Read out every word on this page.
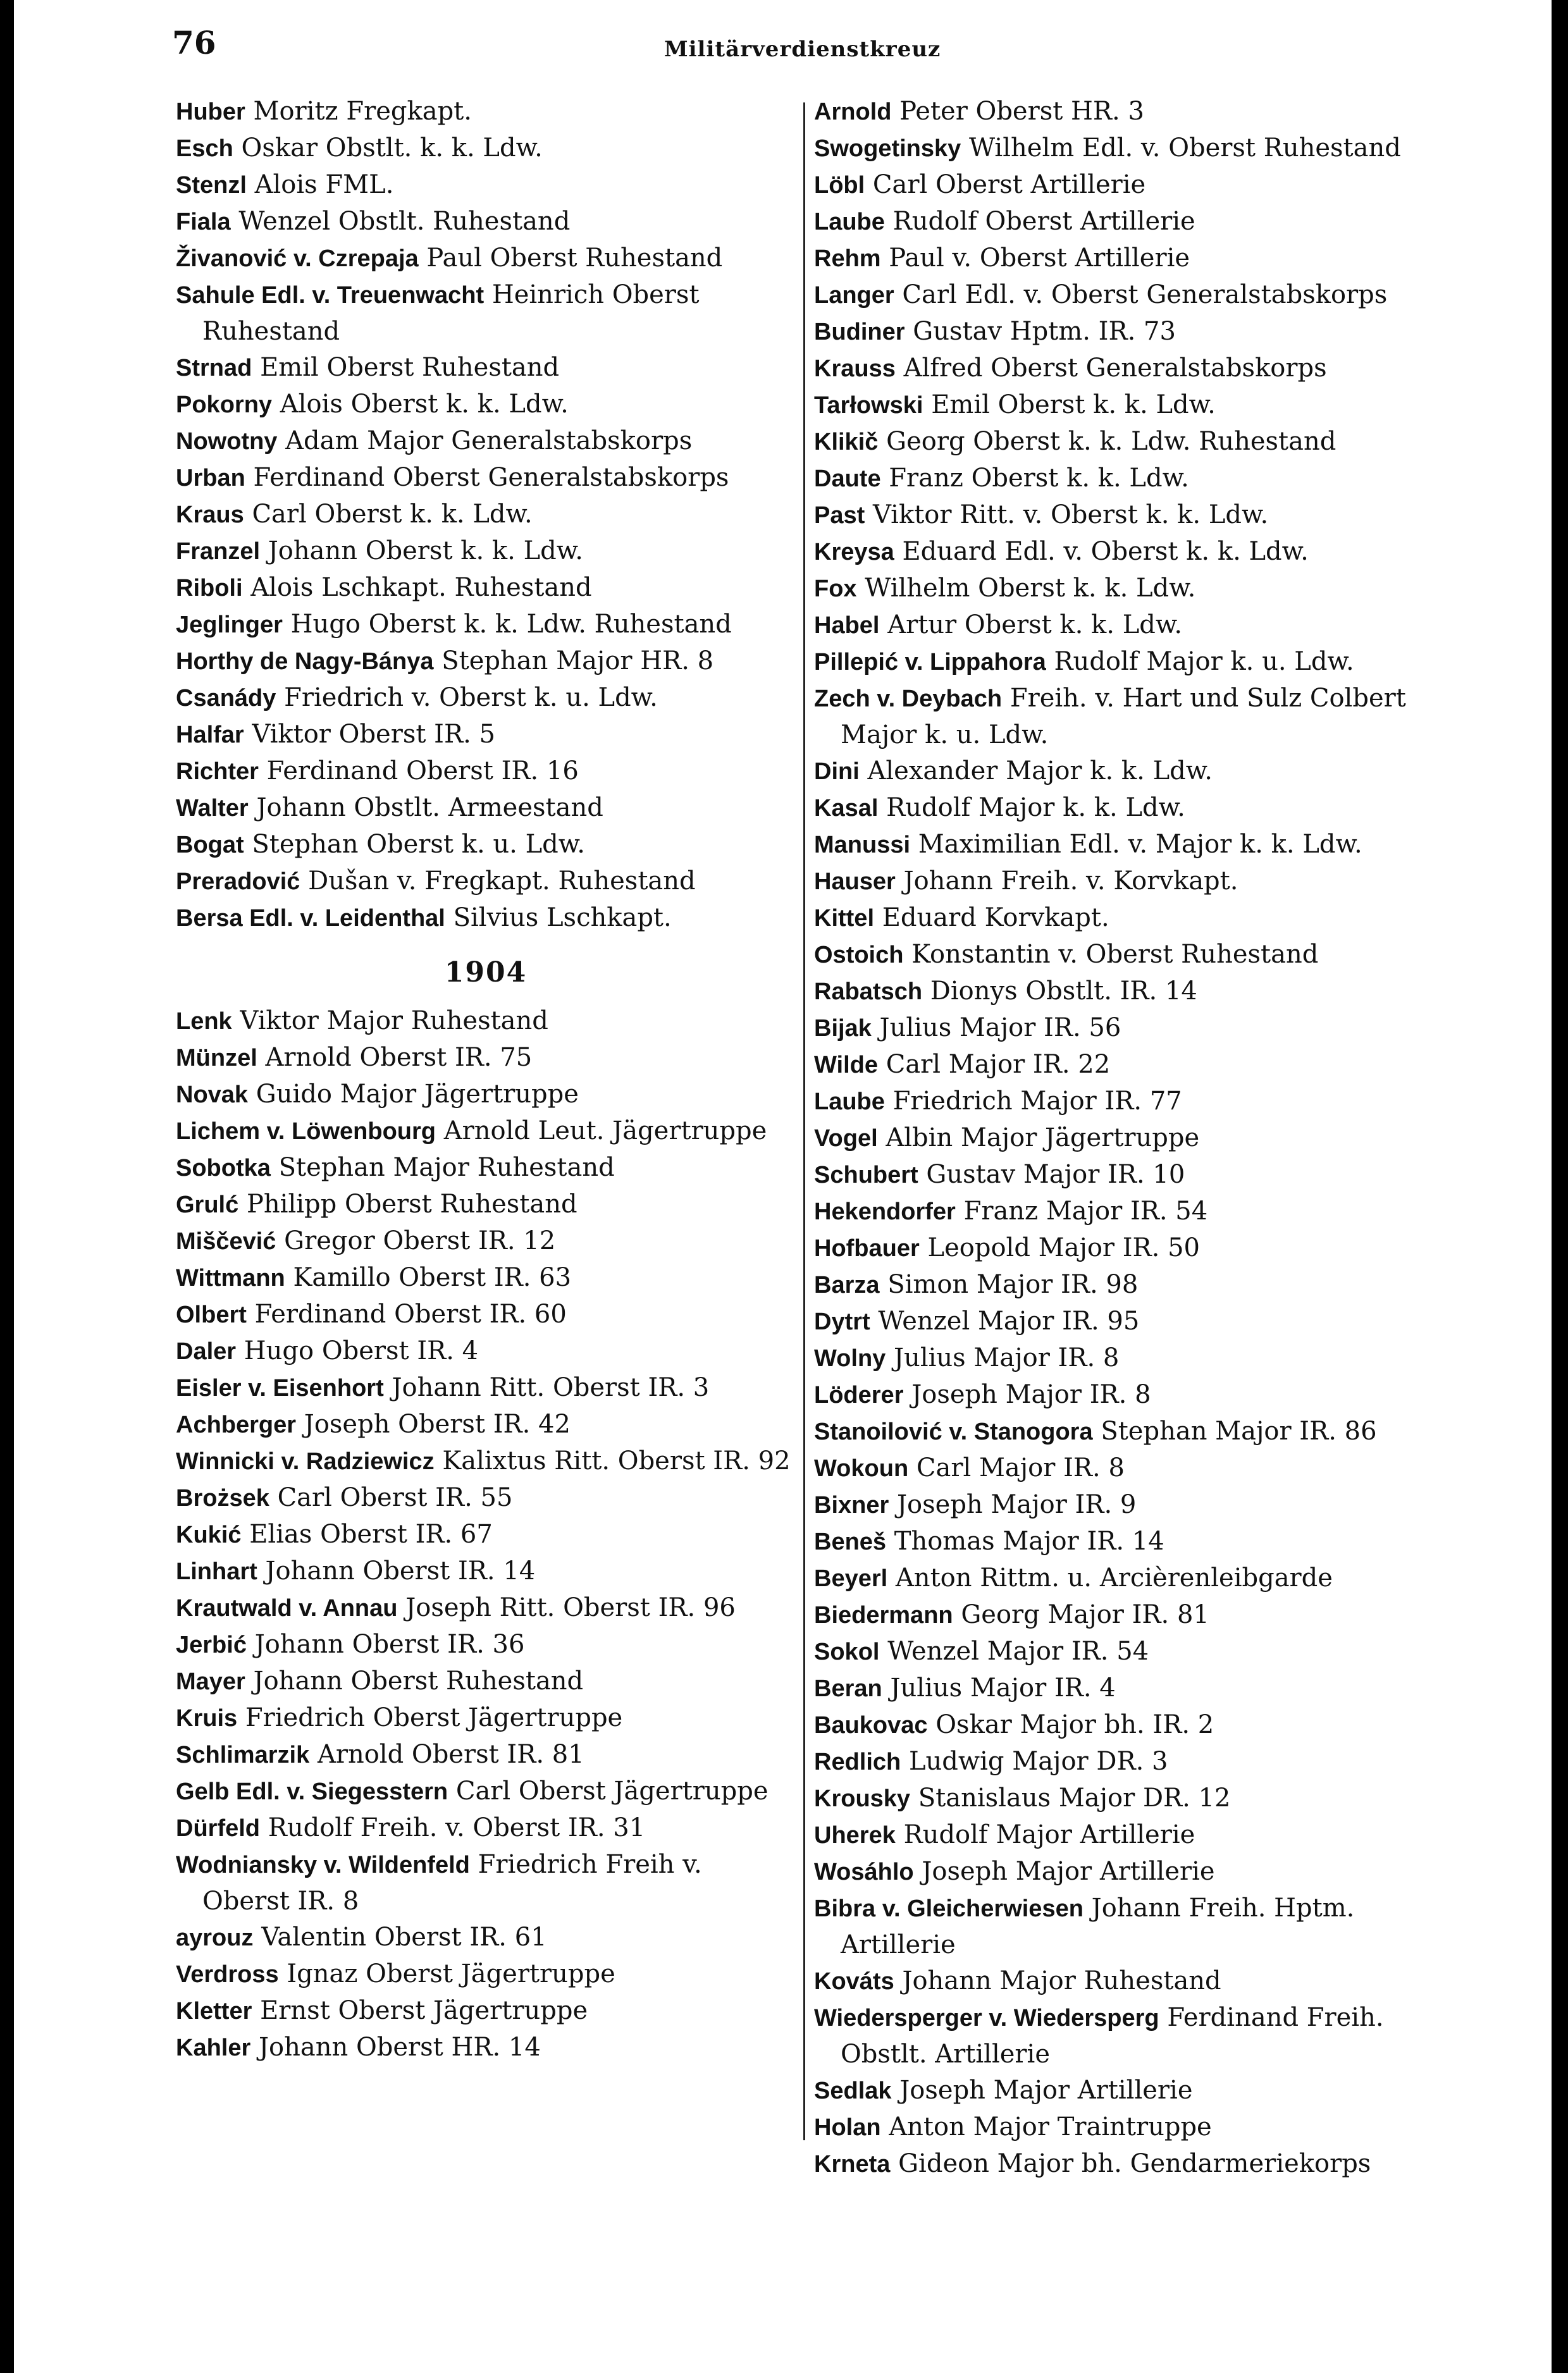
76	Militärverdienstkreuz
Huber Moritz Fregkapt.
Esch Oskar Obstlt. k. k. Ldw.
Stenzl Alois FML.
Fiala Wenzel Obstlt. Ruhestand
Živanović v. Czrepaja Paul Oberst Ruhestand
Sahule Edl. v. Treuenwacht Heinrich Oberst Ruhestand
Strnad Emil Oberst Ruhestand
Pokorny Alois Oberst k. k. Ldw.
Nowotny Adam Major Generalstabskorps
Urban Ferdinand Oberst Generalstabskorps
Kraus Carl Oberst k. k. Ldw.
Franzel Johann Oberst k. k. Ldw.
Riboli Alois Lschkapt. Ruhestand
Jeglinger Hugo Oberst k. k. Ldw. Ruhestand
Horthy de Nagy-Bánya Stephan Major HR. 8
Csanády Friedrich v. Oberst k. u. Ldw.
Halfar Viktor Oberst IR. 5
Richter Ferdinand Oberst IR. 16
Walter Johann Obstlt. Armeestand
Bogat Stephan Oberst k. u. Ldw.
Preradović Dušan v. Fregkapt. Ruhestand
Bersa Edl. v. Leidenthal Silvius Lschkapt.
1904
Lenk Viktor Major Ruhestand
Münzel Arnold Oberst IR. 75
Novak Guido Major Jägertruppe
Lichem v. Löwenbourg Arnold Leut. Jägertruppe
Sobotka Stephan Major Ruhestand
Grulć Philipp Oberst Ruhestand
Miščević Gregor Oberst IR. 12
Wittmann Kamillo Oberst IR. 63
Olbert Ferdinand Oberst IR. 60
Daler Hugo Oberst IR. 4
Eisler v. Eisenhort Johann Ritt. Oberst IR. 3
Achberger Joseph Oberst IR. 42
Winnicki v. Radziewicz Kalixtus Ritt. Oberst IR. 92
Brożsek Carl Oberst IR. 55
Kukić Elias Oberst IR. 67
Linhart Johann Oberst IR. 14
Krautwald v. Annau Joseph Ritt. Oberst IR. 96
Jerbić Johann Oberst IR. 36
Mayer Johann Oberst Ruhestand
Kruis Friedrich Oberst Jägertruppe
Schlimarzik Arnold Oberst IR. 81
Gelb Edl. v. Siegesstern Carl Oberst Jägertruppe
Dürfeld Rudolf Freih. v. Oberst IR. 31
Wodniansky v. Wildenfeld Friedrich Freih v. Oberst IR. 8
ayrouz Valentin Oberst IR. 61
Verdross Ignaz Oberst Jägertruppe
Kletter Ernst Oberst Jägertruppe
Kahler Johann Oberst HR. 14
Arnold Peter Oberst HR. 3
Swogetinsky Wilhelm Edl. v. Oberst Ruhestand
Löbl Carl Oberst Artillerie
Laube Rudolf Oberst Artillerie
Rehm Paul v. Oberst Artillerie
Langer Carl Edl. v. Oberst Generalstabskorps
Budiner Gustav Hptm. IR. 73
Krauss Alfred Oberst Generalstabskorps
Tarłowski Emil Oberst k. k. Ldw.
Klikič Georg Oberst k. k. Ldw. Ruhestand
Daute Franz Oberst k. k. Ldw.
Past Viktor Ritt. v. Oberst k. k. Ldw.
Kreysa Eduard Edl. v. Oberst k. k. Ldw.
Fox Wilhelm Oberst k. k. Ldw.
Habel Artur Oberst k. k. Ldw.
Pillepić v. Lippahora Rudolf Major k. u. Ldw.
Zech v. Deybach Freih. v. Hart und Sulz Colbert Major k. u. Ldw.
Dini Alexander Major k. k. Ldw.
Kasal Rudolf Major k. k. Ldw.
Manussi Maximilian Edl. v. Major k. k. Ldw.
Hauser Johann Freih. v. Korvkapt.
Kittel Eduard Korvkapt.
Ostoich Konstantin v. Oberst Ruhestand
Rabatsch Dionys Obstlt. IR. 14
Bijak Julius Major IR. 56
Wilde Carl Major IR. 22
Laube Friedrich Major IR. 77
Vogel Albin Major Jägertruppe
Schubert Gustav Major IR. 10
Hekendorfer Franz Major IR. 54
Hofbauer Leopold Major IR. 50
Barza Simon Major IR. 98
Dytrt Wenzel Major IR. 95
Wolny Julius Major IR. 8
Löderer Joseph Major IR. 8
Stanoilović v. Stanogora Stephan Major IR. 86
Wokoun Carl Major IR. 8
Bixner Joseph Major IR. 9
Beneš Thomas Major IR. 14
Beyerl Anton Rittm. u. Arcièrenleibgarde
Biedermann Georg Major IR. 81
Sokol Wenzel Major IR. 54
Beran Julius Major IR. 4
Baukovac Oskar Major bh. IR. 2
Redlich Ludwig Major DR. 3
Krousky Stanislaus Major DR. 12
Uherek Rudolf Major Artillerie
Wosáhlo Joseph Major Artillerie
Bibra v. Gleicherwiesen Johann Freih. Hptm. Artillerie
Kováts Johann Major Ruhestand
Wiedersperger v. Wiedersperg Ferdinand Freih. Obstlt. Artillerie
Sedlak Joseph Major Artillerie
Holan Anton Major Traintruppe
Krneta Gideon Major bh. Gendarmeriekorps
